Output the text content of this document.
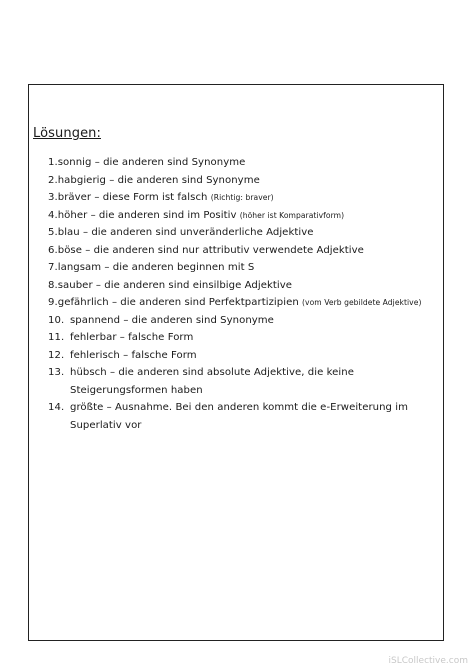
Lösungen:
1. sonnig – die anderen sind Synonyme
2. habgierig – die anderen sind Synonyme
3. bräver – diese Form ist falsch (Richtig: braver)
4. höher – die anderen sind im Positiv (höher ist Komparativform)
5. blau – die anderen sind unveränderliche Adjektive
6. böse – die anderen sind nur attributiv verwendete Adjektive
7. langsam – die anderen beginnen mit S
8. sauber – die anderen sind einsilbige Adjektive
9. gefährlich – die anderen sind Perfektpartizipien (vom Verb gebildete Adjektive)
10. spannend – die anderen sind Synonyme
11. fehlerbar – falsche Form
12. fehlerisch – falsche Form
13. hübsch – die anderen sind absolute Adjektive, die keine Steigerungsformen haben
14. größte – Ausnahme. Bei den anderen kommt die e-Erweiterung im Superlativ vor
iSLCollective.com
